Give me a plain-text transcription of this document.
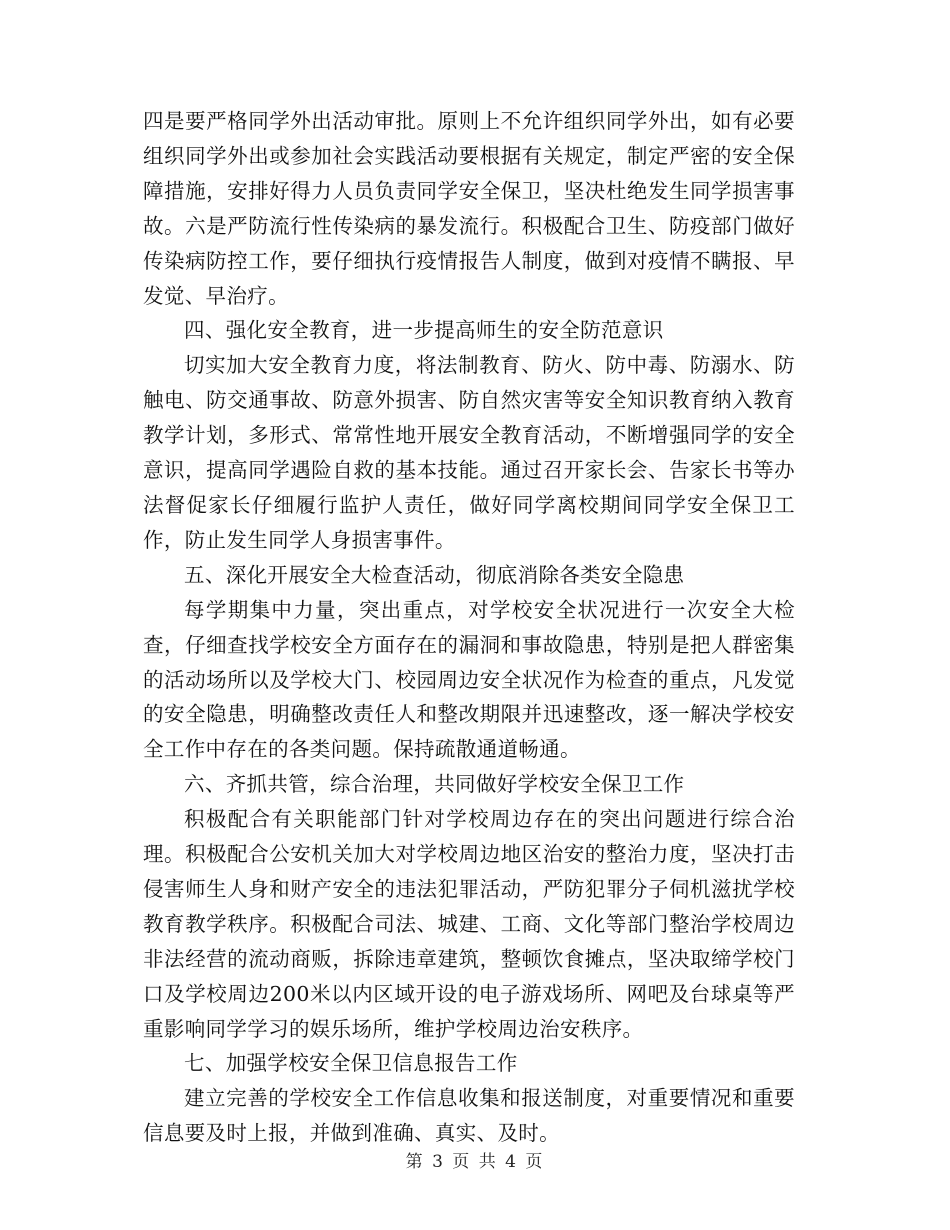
四是要严格同学外出活动审批。原则上不允许组织同学外出，如有必要组织同学外出或参加社会实践活动要根据有关规定，制定严密的安全保障措施，安排好得力人员负责同学安全保卫，坚决杜绝发生同学损害事故。六是严防流行性传染病的暴发流行。积极配合卫生、防疫部门做好传染病防控工作，要仔细执行疫情报告人制度，做到对疫情不瞒报、早发觉、早治疗。

四、强化安全教育，进一步提高师生的安全防范意识

切实加大安全教育力度，将法制教育、防火、防中毒、防溺水、防触电、防交通事故、防意外损害、防自然灾害等安全知识教育纳入教育教学计划，多形式、常常性地开展安全教育活动，不断增强同学的安全意识，提高同学遇险自救的基本技能。通过召开家长会、告家长书等办法督促家长仔细履行监护人责任，做好同学离校期间同学安全保卫工作，防止发生同学人身损害事件。

五、深化开展安全大检查活动，彻底消除各类安全隐患

每学期集中力量，突出重点，对学校安全状况进行一次安全大检查，仔细查找学校安全方面存在的漏洞和事故隐患，特别是把人群密集的活动场所以及学校大门、校园周边安全状况作为检查的重点，凡发觉的安全隐患，明确整改责任人和整改期限并迅速整改，逐一解决学校安全工作中存在的各类问题。保持疏散通道畅通。

六、齐抓共管，综合治理，共同做好学校安全保卫工作

积极配合有关职能部门针对学校周边存在的突出问题进行综合治理。积极配合公安机关加大对学校周边地区治安的整治力度，坚决打击侵害师生人身和财产安全的违法犯罪活动，严防犯罪分子伺机滋扰学校教育教学秩序。积极配合司法、城建、工商、文化等部门整治学校周边非法经营的流动商贩，拆除违章建筑，整顿饮食摊点，坚决取缔学校门口及学校周边200米以内区域开设的电子游戏场所、网吧及台球桌等严重影响同学学习的娱乐场所，维护学校周边治安秩序。

七、加强学校安全保卫信息报告工作

建立完善的学校安全工作信息收集和报送制度，对重要情况和重要信息要及时上报，并做到准确、真实、及时。

第 3 页 共 4 页
